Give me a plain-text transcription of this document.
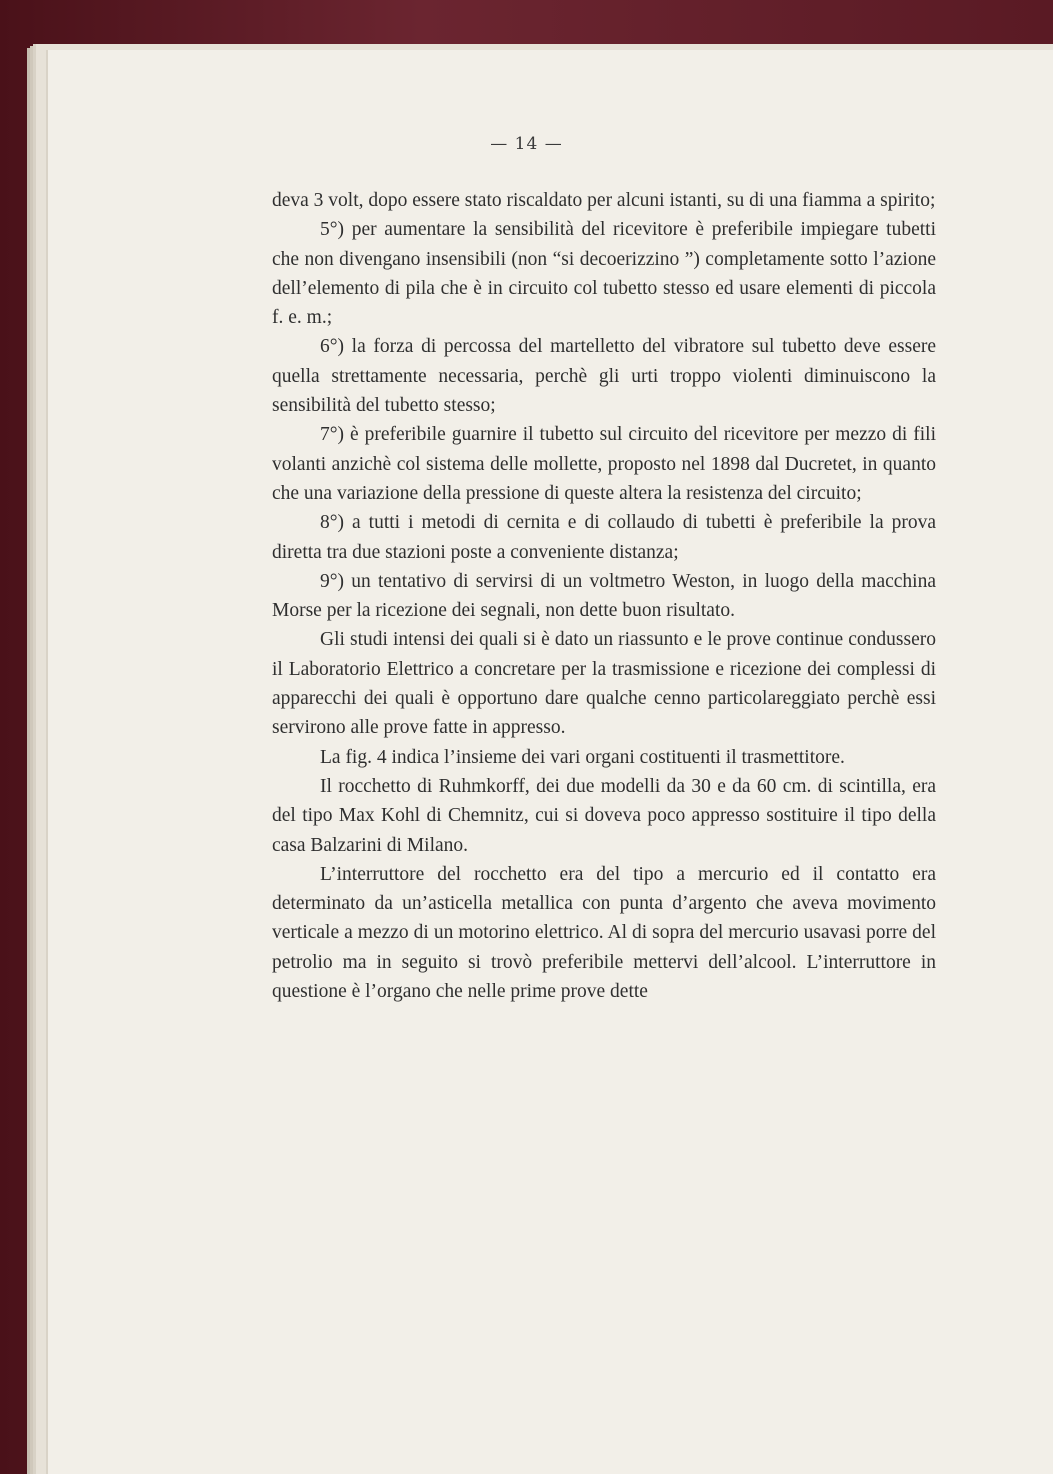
— 14 —

deva 3 volt, dopo essere stato riscaldato per alcuni istanti, su di una fiamma a spirito;

5°) per aumentare la sensibilità del ricevitore è preferibile impiegare tubetti che non divengano insensibili (non “si decoerizzino ”) completamente sotto l’azione dell’elemento di pila che è in circuito col tubetto stesso ed usare elementi di piccola f. e. m.;

6°) la forza di percossa del martelletto del vibratore sul tubetto deve essere quella strettamente necessaria, perchè gli urti troppo violenti diminuiscono la sensibilità del tubetto stesso;

7°) è preferibile guarnire il tubetto sul circuito del ricevitore per mezzo di fili volanti anzichè col sistema delle mollette, proposto nel 1898 dal Ducretet, in quanto che una variazione della pressione di queste altera la resistenza del circuito;

8°) a tutti i metodi di cernita e di collaudo di tubetti è preferibile la prova diretta tra due stazioni poste a conveniente distanza;

9°) un tentativo di servirsi di un voltmetro Weston, in luogo della macchina Morse per la ricezione dei segnali, non dette buon risultato.

Gli studi intensi dei quali si è dato un riassunto e le prove continue condussero il Laboratorio Elettrico a concretare per la trasmissione e ricezione dei complessi di apparecchi dei quali è opportuno dare qualche cenno particolareggiato perchè essi servirono alle prove fatte in appresso.

La fig. 4 indica l’insieme dei vari organi costituenti il trasmettitore.

Il rocchetto di Ruhmkorff, dei due modelli da 30 e da 60 cm. di scintilla, era del tipo Max Kohl di Chemnitz, cui si doveva poco appresso sostituire il tipo della casa Balzarini di Milano.

L’interruttore del rocchetto era del tipo a mercurio ed il contatto era determinato da un’asticella metallica con punta d’argento che aveva movimento verticale a mezzo di un motorino elettrico. Al di sopra del mercurio usavasi porre del petrolio ma in seguito si trovò preferibile mettervi dell’alcool. L’interruttore in questione è l’organo che nelle prime prove dette
